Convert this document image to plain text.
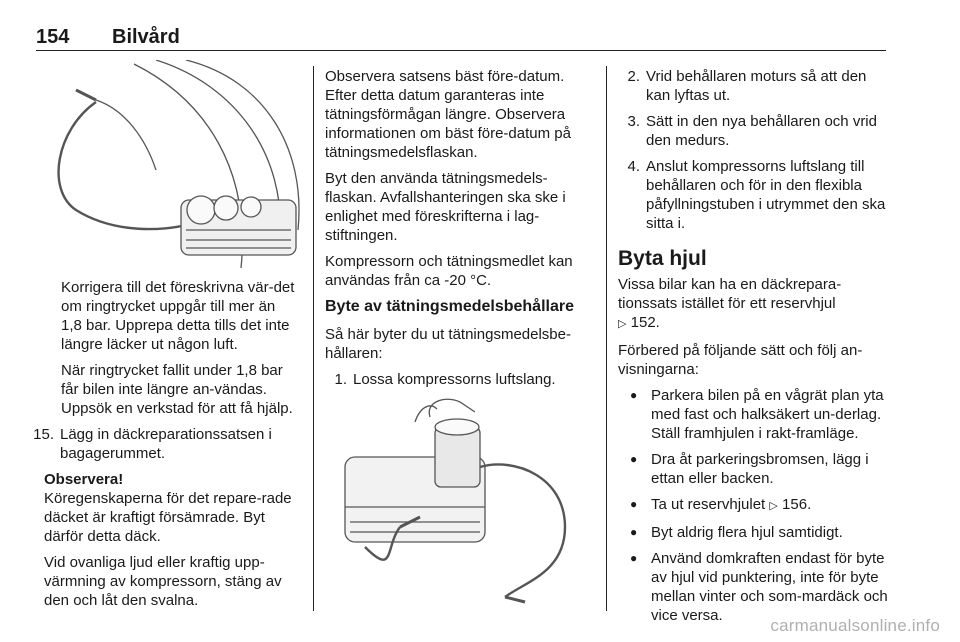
154 Bilvård

Korrigera till det föreskrivna vär-det om ringtrycket uppgår till mer än 1,8 bar. Upprepa detta tills det inte längre läcker ut någon luft.

När ringtrycket fallit under 1,8 bar får bilen inte längre an-vändas. Uppsök en verkstad för att få hjälp.

15. Lägg in däckreparationssatsen i bagagerummet.

Observera!

Köregenskaperna för det repare-rade däcket är kraftigt försämrade. Byt därför detta däck.

Vid ovanliga ljud eller kraftig upp-värmning av kompressorn, stäng av den och låt den svalna.

Observera satsens bäst före-datum. Efter detta datum garanteras inte tätningsförmågan längre. Observera informationen om bäst före-datum på tätningsmedelsflaskan.

Byt den använda tätningsmedels-flaskan. Avfallshanteringen ska ske i enlighet med föreskrifterna i lag-stiftningen.

Kompressorn och tätningsmedlet kan användas från ca -20 °C.

Byte av tätningsmedelsbehållare

Så här byter du ut tätningsmedelsbe-hållaren:

1. Lossa kompressorns luftslang.
2. Vrid behållaren moturs så att den kan lyftas ut.
3. Sätt in den nya behållaren och vrid den medurs.
4. Anslut kompressorns luftslang till behållaren och för in den flexibla påfyllningstuben i utrymmet den ska sitta i.

Byta hjul

Vissa bilar kan ha en däckrepara-tionssats istället för ett reservhjul
▷ 152.

Förbered på följande sätt och följ an-visningarna:

● Parkera bilen på en vågrät plan yta med fast och halksäkert un-derlag. Ställ framhjulen i rakt-framläge.
● Dra åt parkeringsbromsen, lägg i ettan eller backen.
● Ta ut reservhjulet ▷ 156.
● Byt aldrig flera hjul samtidigt.
● Använd domkraften endast för byte av hjul vid punktering, inte för byte mellan vinter och som-mardäck och vice versa.
carmanualsonline.info
